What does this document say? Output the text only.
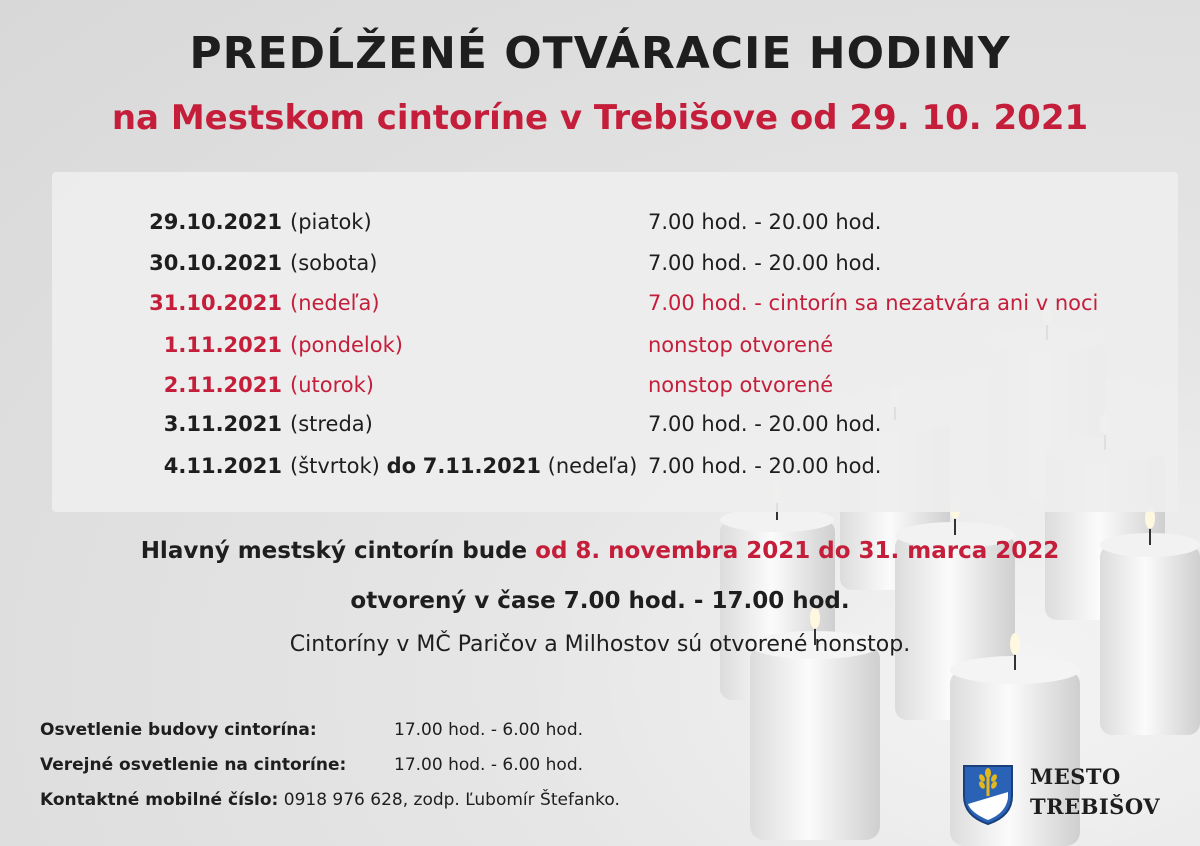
PREDĹŽENÉ OTVÁRACIE HODINY
na Mestskom cintoríne v Trebišove od 29. 10. 2021
29.10.2021 (piatok)	7.00 hod. - 20.00 hod.
30.10.2021 (sobota)	7.00 hod. - 20.00 hod.
31.10.2021 (nedeľa)	7.00 hod. - cintorín sa nezatvára ani v noci
1.11.2021 (pondelok)	nonstop otvorené
2.11.2021 (utorok)	nonstop otvorené
3.11.2021 (streda)	7.00 hod. - 20.00 hod.
4.11.2021 (štvrtok) do 7.11.2021 (nedeľa) 7.00 hod. - 20.00 hod.
Hlavný mestský cintorín bude od 8. novembra 2021 do 31. marca 2022
otvorený v čase 7.00 hod. - 17.00 hod.
Cintoríny v MČ Paričov a Milhostov sú otvorené nonstop.
Osvetlenie budovy cintorína:	17.00 hod. - 6.00 hod.
Verejné osvetlenie na cintoríne:	17.00 hod. - 6.00 hod.
Kontaktné mobilné číslo: 0918 976 628, zodp. Ľubomír Štefanko.
MESTO
TREBIŠOV
